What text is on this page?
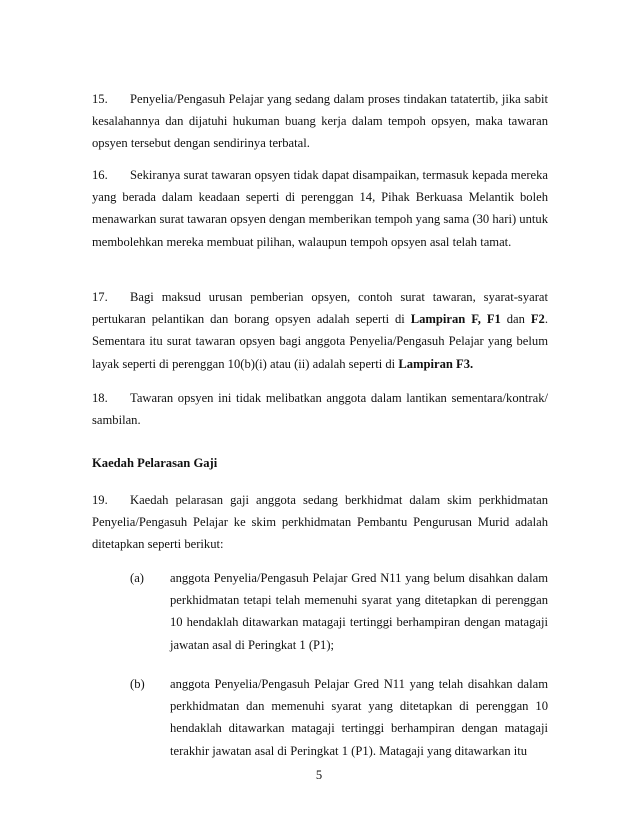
15. Penyelia/Pengasuh Pelajar yang sedang dalam proses tindakan tatatertib, jika sabit kesalahannya dan dijatuhi hukuman buang kerja dalam tempoh opsyen, maka tawaran opsyen tersebut dengan sendirinya terbatal.

16. Sekiranya surat tawaran opsyen tidak dapat disampaikan, termasuk kepada mereka yang berada dalam keadaan seperti di perenggan 14, Pihak Berkuasa Melantik boleh menawarkan surat tawaran opsyen dengan memberikan tempoh yang sama (30 hari) untuk membolehkan mereka membuat pilihan, walaupun tempoh opsyen asal telah tamat.

17. Bagi maksud urusan pemberian opsyen, contoh surat tawaran, syarat-syarat pertukaran pelantikan dan borang opsyen adalah seperti di Lampiran F, F1 dan F2. Sementara itu surat tawaran opsyen bagi anggota Penyelia/Pengasuh Pelajar yang belum layak seperti di perenggan 10(b)(i) atau (ii) adalah seperti di Lampiran F3.

18. Tawaran opsyen ini tidak melibatkan anggota dalam lantikan sementara/kontrak/ sambilan.

Kaedah Pelarasan Gaji

19. Kaedah pelarasan gaji anggota sedang berkhidmat dalam skim perkhidmatan Penyelia/Pengasuh Pelajar ke skim perkhidmatan Pembantu Pengurusan Murid adalah ditetapkan seperti berikut:

(a) anggota Penyelia/Pengasuh Pelajar Gred N11 yang belum disahkan dalam perkhidmatan tetapi telah memenuhi syarat yang ditetapkan di perenggan 10 hendaklah ditawarkan matagaji tertinggi berhampiran dengan matagaji jawatan asal di Peringkat 1 (P1);

(b) anggota Penyelia/Pengasuh Pelajar Gred N11 yang telah disahkan dalam perkhidmatan dan memenuhi syarat yang ditetapkan di perenggan 10 hendaklah ditawarkan matagaji tertinggi berhampiran dengan matagaji terakhir jawatan asal di Peringkat 1 (P1). Matagaji yang ditawarkan itu

5
